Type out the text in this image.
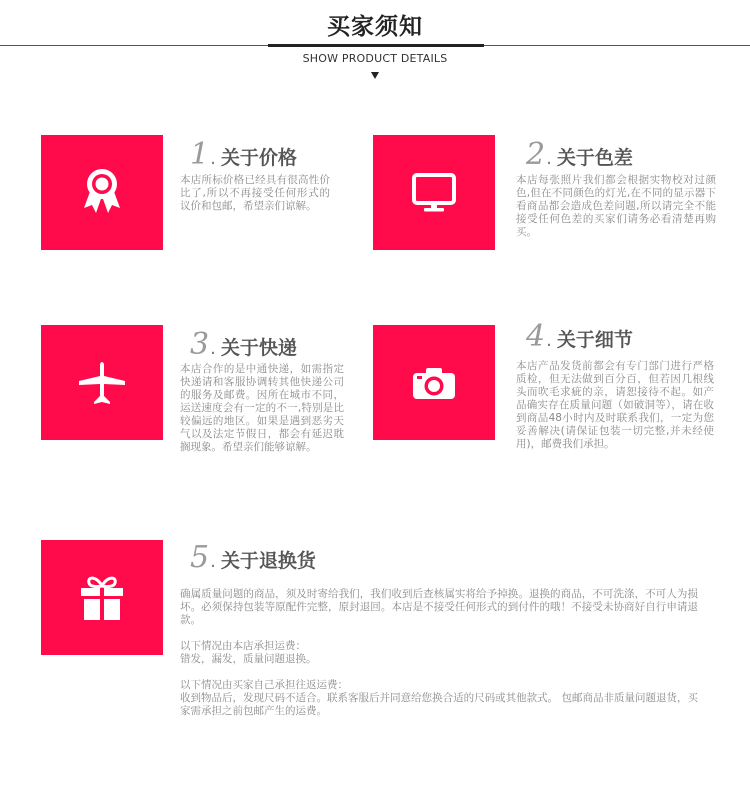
买家须知
SHOW PRODUCT DETAILS
1 . 关于价格
本店所标价格已经具有很高性价比了,所以不再接受任何形式的议价和包邮，希望亲们谅解。
2 . 关于色差
本店每张照片我们都会根据实物校对过颜色,但在不同颜色的灯光,在不同的显示器下看商品都会造成色差问题,所以请完全不能接受任何色差的买家们请务必看清楚再购买。
3 . 关于快递
本店合作的是中通快递，如需指定快递请和客服协调转其他快递公司的服务及邮费。因所在城市不同，运送速度会有一定的不一,特别是比较偏远的地区。如果是遇到恶劣天气以及法定节假日，都会有延迟耽搁现象。希望亲们能够谅解。
4 . 关于细节
本店产品发货前都会有专门部门进行严格质检，但无法做到百分百，但若因几根线头而吹毛求疵的亲，请恕接待不起。如产品确实存在质量问题（如破洞等），请在收到商品48小时内及时联系我们，一定为您妥善解决(请保证包装一切完整,并未经使用)，邮费我们承担。
5 . 关于退换货

确属质量问题的商品，须及时寄给我们，我们收到后查核属实将给予掉换。退换的商品，不可洗涤，不可人为损坏。必须保持包装等原配件完整，原封退回。本店是不接受任何形式的到付件的哦！不接受未协商好自行申请退款。

以下情况由本店承担运费：

错发，漏发，质量问题退换。

以下情况由买家自己承担往返运费：

收到物品后，发现尺码不适合。联系客服后并同意给您换合适的尺码或其他款式。 包邮商品非质量问题退货，买家需承担之前包邮产生的运费。
